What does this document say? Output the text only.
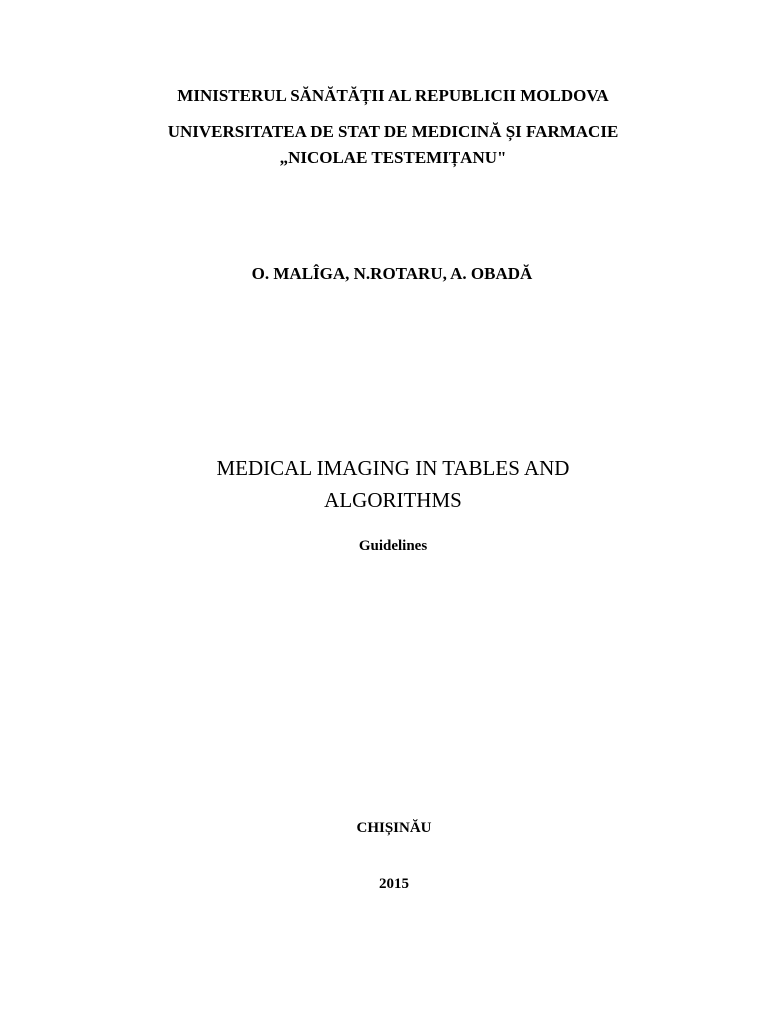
MINISTERUL SĂNĂTĂȚII AL REPUBLICII MOLDOVA
UNIVERSITATEA DE STAT DE MEDICINĂ ȘI FARMACIE
„NICOLAE TESTEMIȚANU"
O. MALÎGA, N.ROTARU, A. OBADĂ
MEDICAL IMAGING IN TABLES AND
ALGORITHMS
Guidelines
CHIȘINĂU
2015
